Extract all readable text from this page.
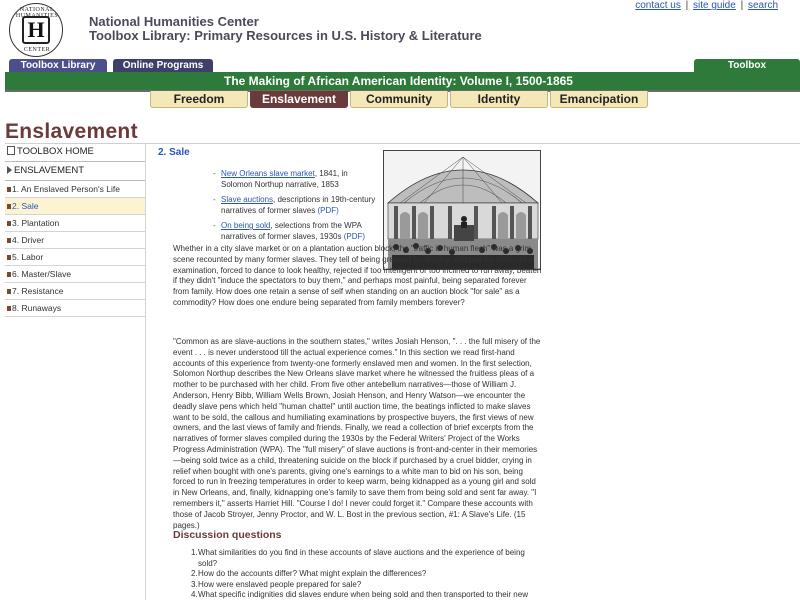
NATIONAL HUMANITIES
H
CENTER
National Humanities Center
Toolbox Library: Primary Resources in U.S. History & Literature
contact us | site guide | search
Toolbox Library	Online Programs	Toolbox
The Making of African American Identity: Volume I, 1500-1865
Freedom	Enslavement	Community	Identity	Emancipation
Enslavement
TOOLBOX HOME
ENSLAVEMENT
1. An Enslaved Person's Life
2. Sale
3. Plantation
4. Driver
5. Labor
6. Master/Slave
7. Resistance
8. Runaways
2. Sale
- New Orleans slave market, 1841, in Solomon Northup narrative, 1853
- Slave auctions, descriptions in 19th-century narratives of former slaves (PDF)
- On being sold, selections from the WPA narratives of former slaves, 1930s (PDF)
Whether in a city slave market or on a plantation auction block, the "traffic in human flesh" was a grim scene recounted by many former slaves. They tell of being greased for display, stripped for meticulous examination, forced to dance to look healthy, rejected if too intelligent or too inclined to run away, beaten if they didn't "induce the spectators to buy them," and perhaps most painful, being separated forever from family. How does one retain a sense of self when standing on an auction block "for sale" as a commodity? How does one endure being separated from family members forever?
"Common as are slave-auctions in the southern states," writes Josiah Henson, ". . . the full misery of the event . . . is never understood till the actual experience comes." In this section we read first-hand accounts of this experience from twenty-one formerly enslaved men and women. In the first selection, Solomon Northup describes the New Orleans slave market where he witnessed the fruitless pleas of a mother to be purchased with her child. From five other antebellum narratives—those of William J. Anderson, Henry Bibb, William Wells Brown, Josiah Henson, and Henry Watson—we encounter the deadly slave pens which held "human chattel" until auction time, the beatings inflicted to make slaves want to be sold, the callous and humiliating examinations by prospective buyers, the first views of new owners, and the last views of family and friends. Finally, we read a collection of brief excerpts from the narratives of former slaves compiled during the 1930s by the Federal Writers' Project of the Works Progress Administration (WPA). The "full misery" of slave auctions is front-and-center in their memories—being sold twice as a child, threatening suicide on the block if purchased by a cruel bidder, crying in relief when bought with one's parents, giving one's earnings to a white man to bid on his son, being forced to run in freezing temperatures in order to keep warm, being kidnapped as a young girl and sold in New Orleans, and, finally, kidnapping one's family to save them from being sold and sent far away. "I remembers it," asserts Harriet Hill. "Course I do! I never could forget it." Compare these accounts with those of Jacob Stroyer, Jenny Proctor, and W. L. Bost in the previous section, #1: A Slave's Life. (15 pages.)
Discussion questions
1. What similarities do you find in these accounts of slave auctions and the experience of being sold?
2. How do the accounts differ? What might explain the differences?
3. How were enslaved people prepared for sale?
4. What specific indignities did slaves endure when being sold and then transported to their new
